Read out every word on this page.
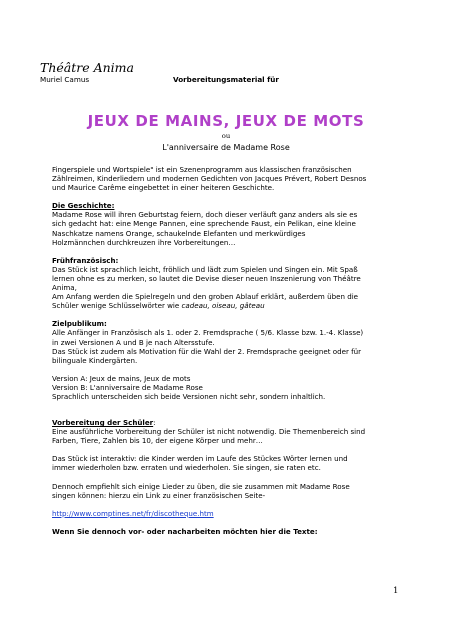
Théâtre Anima
Muriel Camus	Vorbereitungsmaterial für
JEUX DE MAINS, JEUX DE MOTS
ou
L'anniversaire de Madame Rose

Fingerspiele und Wortspiele" ist ein Szenenprogramm aus klassischen französischen
Zählreimen, Kinderliedern und modernen Gedichten von Jacques Prévert, Robert Desnos
und Maurice Carême eingebettet in einer heiteren Geschichte.

Die Geschichte:
Madame Rose will ihren Geburtstag feiern, doch dieser verläuft ganz anders als sie es
sich gedacht hat: eine Menge Pannen, eine sprechende Faust, ein Pelikan, eine kleine
Naschkatze namens Orange, schaukelnde Elefanten und merkwürdiges
Holzmännchen durchkreuzen ihre Vorbereitungen…

Frühfranzösisch:
Das Stück ist sprachlich leicht, fröhlich und lädt zum Spielen und Singen ein. Mit Spaß
lernen ohne es zu merken, so lautet die Devise dieser neuen Inszenierung von Théâtre
Anima,
Am Anfang werden die Spielregeln und den groben Ablauf erklärt, außerdem üben die
Schüler wenige Schlüsselwörter wie cadeau, oiseau, gâteau

Zielpublikum:
Alle Anfänger in Französisch als 1. oder 2. Fremdsprache ( 5/6. Klasse bzw. 1.-4. Klasse)
in zwei Versionen A und B je nach Altersstufe.
Das Stück ist zudem als Motivation für die Wahl der 2. Fremdsprache geeignet oder für
bilinguale Kindergärten.

Version A: Jeux de mains, Jeux de mots
Version B: L'anniversaire de Madame Rose
Sprachlich unterscheiden sich beide Versionen nicht sehr, sondern inhaltlich.

Vorbereitung der Schüler:
Eine ausführliche Vorbereitung der Schüler ist nicht notwendig. Die Themenbereich sind
Farben, Tiere, Zahlen bis 10, der eigene Körper und mehr…

Das Stück ist interaktiv: die Kinder werden im Laufe des Stückes Wörter lernen und
immer wiederholen bzw. erraten und wiederholen. Sie singen, sie raten etc.

Dennoch empfiehlt sich einige Lieder zu üben, die sie zusammen mit Madame Rose
singen können: hierzu ein Link zu einer französischen Seite-

http://www.comptines.net/fr/discotheque.htm

Wenn Sie dennoch vor- oder nacharbeiten möchten hier die Texte:

1
